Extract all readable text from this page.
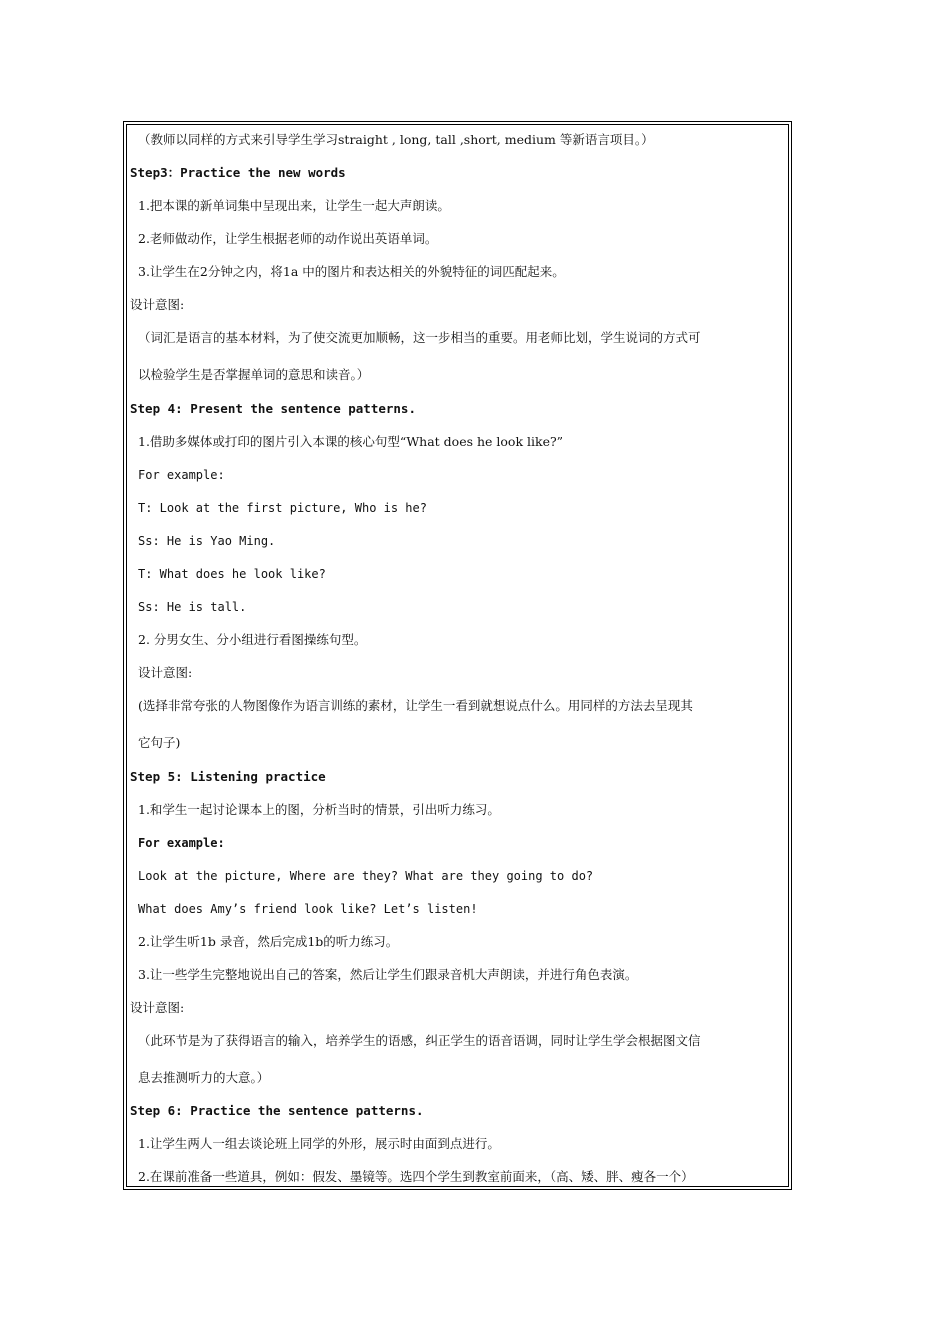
（教师以同样的方式来引导学生学习straight , long, tall ,short, medium 等新语言项目。）
Step3：Practice the new words
1.把本课的新单词集中呈现出来，让学生一起大声朗读。
2.老师做动作，让学生根据老师的动作说出英语单词。
3.让学生在2分钟之内，将1a 中的图片和表达相关的外貌特征的词匹配起来。
设计意图:
（词汇是语言的基本材料，为了使交流更加顺畅，这一步相当的重要。用老师比划，学生说词的方式可
以检验学生是否掌握单词的意思和读音。）
Step 4: Present the sentence patterns.
1.借助多媒体或打印的图片引入本课的核心句型“What does he look like?”
For example:
T: Look at the first picture, Who is he?
Ss: He is Yao Ming.
T: What does he look like?
Ss: He is tall.
2. 分男女生、分小组进行看图操练句型。
设计意图:
(选择非常夸张的人物图像作为语言训练的素材，让学生一看到就想说点什么。用同样的方法去呈现其
它句子)
Step 5: Listening practice
1.和学生一起讨论课本上的图，分析当时的情景，引出听力练习。
For example:
Look at the picture, Where are they? What are they going to do?
What does Amy’s friend look like? Let’s listen!
2.让学生听1b 录音，然后完成1b的听力练习。
3.让一些学生完整地说出自己的答案，然后让学生们跟录音机大声朗读，并进行角色表演。
设计意图:
（此环节是为了获得语言的输入，培养学生的语感，纠正学生的语音语调，同时让学生学会根据图文信
息去推测听力的大意。）
Step 6: Practice the sentence patterns.
1.让学生两人一组去谈论班上同学的外形，展示时由面到点进行。
2.在课前准备一些道具，例如：假发、墨镜等。选四个学生到教室前面来，（高、矮、胖、瘦各一个）
